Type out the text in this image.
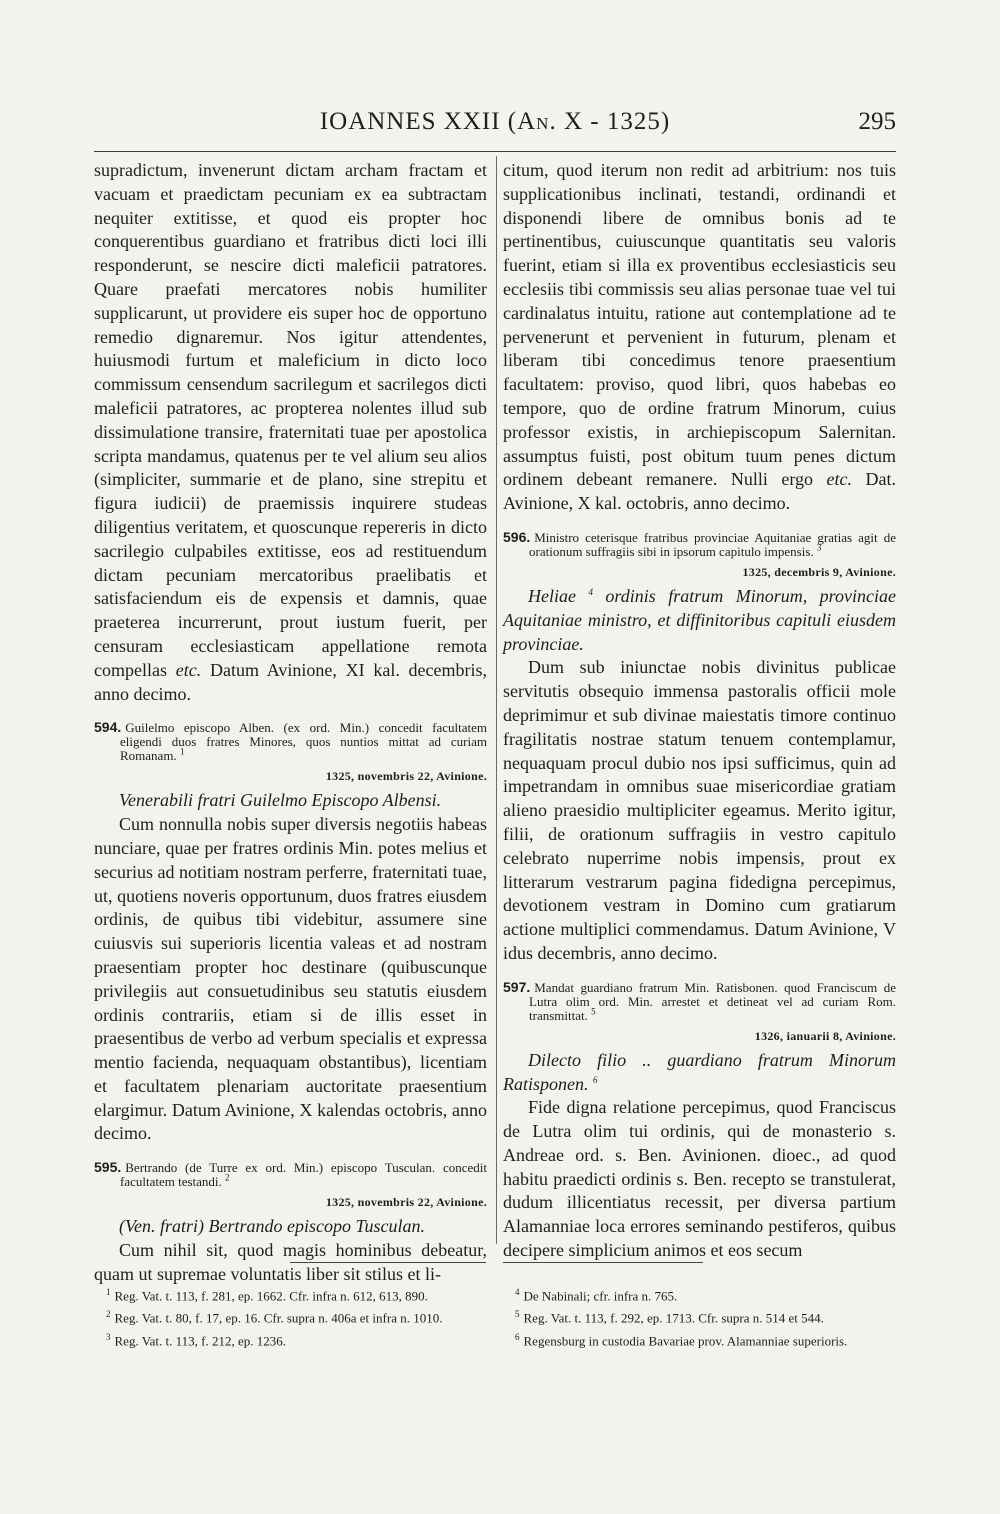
IOANNES XXII (AN. X - 1325)	295

supradictum, invenerunt dictam archam fractam et vacuam et praedictam pecuniam ex ea subtractam nequiter extitisse, et quod eis propter hoc conquerentibus guardiano et fratribus dicti loci illi responderunt, se nescire dicti maleficii patratores. Quare praefati mercatores nobis humiliter supplicarunt, ut providere eis super hoc de opportuno remedio dignaremur. Nos igitur attendentes, huiusmodi furtum et maleficium in dicto loco commissum censendum sacrilegum et sacrilegos dicti maleficii patratores, ac propterea nolentes illud sub dissimulatione transire, fraternitati tuae per apostolica scripta mandamus, quatenus per te vel alium seu alios (simpliciter, summarie et de plano, sine strepitu et figura iudicii) de praemissis inquirere studeas diligentius veritatem, et quoscunque repereris in dicto sacrilegio culpabiles extitisse, eos ad restituendum dictam pecuniam mercatoribus praelibatis et satisfaciendum eis de expensis et damnis, quae praeterea incurrerunt, prout iustum fuerit, per censuram ecclesiasticam appellatione remota compellas etc. Datum Avinione, XI kal. decembris, anno decimo.

594. Guilelmo episcopo Alben. (ex ord. Min.) concedit facultatem eligendi duos fratres Minores, quos nuntios mittat ad curiam Romanam. $^1$
1325, novembris 22, Avinione.
Venerabili fratri Guilelmo Episcopo Albensi.

Cum nonnulla nobis super diversis negotiis habeas nunciare, quae per fratres ordinis Min. potes melius et securius ad notitiam nostram perferre, fraternitati tuae, ut, quotiens noveris opportunum, duos fratres eiusdem ordinis, de quibus tibi videbitur, assumere sine cuiusvis sui superioris licentia valeas et ad nostram praesentiam propter hoc destinare (quibuscunque privilegiis aut consuetudinibus seu statutis eiusdem ordinis contrariis, etiam si de illis esset in praesentibus de verbo ad verbum specialis et expressa mentio facienda, nequaquam obstantibus), licentiam et facultatem plenariam auctoritate praesentium elargimur. Datum Avinione, X kalendas octobris, anno decimo.

595. Bertrando (de Turre ex ord. Min.) episcopo Tusculan. concedit facultatem testandi. $^2$
1325, novembris 22, Avinione.
(Ven. fratri) Bertrando episcopo Tusculan.

Cum nihil sit, quod magis hominibus debeatur, quam ut supremae voluntatis liber sit stilus et li-

citum, quod iterum non redit ad arbitrium: nos tuis supplicationibus inclinati, testandi, ordinandi et disponendi libere de omnibus bonis ad te pertinentibus, cuiuscunque quantitatis seu valoris fuerint, etiam si illa ex proventibus ecclesiasticis seu ecclesiis tibi commissis seu alias personae tuae vel tui cardinalatus intuitu, ratione aut contemplatione ad te pervenerunt et pervenient in futurum, plenam et liberam tibi concedimus tenore praesentium facultatem: proviso, quod libri, quos habebas eo tempore, quo de ordine fratrum Minorum, cuius professor existis, in archiepiscopum Salernitan. assumptus fuisti, post obitum tuum penes dictum ordinem debeant remanere. Nulli ergo etc. Dat. Avinione, X kal. octobris, anno decimo.

596. Ministro ceterisque fratribus provinciae Aquitaniae gratias agit de orationum suffragiis sibi in ipsorum capitulo impensis. $^3$
1325, decembris 9, Avinione.
Heliae $^4$ ordinis fratrum Minorum, provinciae Aquitaniae ministro, et diffinitoribus capituli eiusdem provinciae.

Dum sub iniunctae nobis divinitus publicae servitutis obsequio immensa pastoralis officii mole deprimimur et sub divinae maiestatis timore continuo fragilitatis nostrae statum tenuem contemplamur, nequaquam procul dubio nos ipsi sufficimus, quin ad impetrandam in omnibus suae misericordiae gratiam alieno praesidio multipliciter egeamus. Merito igitur, filii, de orationum suffragiis in vestro capitulo celebrato nuperrime nobis impensis, prout ex litterarum vestrarum pagina fidedigna percepimus, devotionem vestram in Domino cum gratiarum actione multiplici commendamus. Datum Avinione, V idus decembris, anno decimo.

597. Mandat guardiano fratrum Min. Ratisbonen. quod Franciscum de Lutra olim ord. Min. arrestet et detineat vel ad curiam Rom. transmittat. $^5$
1326, ianuarii 8, Avinione.
Dilecto filio .. guardiano fratrum Minorum Ratisponen. $^6$

Fide digna relatione percepimus, quod Franciscus de Lutra olim tui ordinis, qui de monasterio s. Andreae ord. s. Ben. Avinionen. dioec., ad quod habitu praedicti ordinis s. Ben. recepto se transtulerat, dudum illicentiatus recessit, per diversa partium Alamanniae loca errores seminando pestiferos, quibus decipere simplicium animos et eos secum

$^1$ Reg. Vat. t. 113, f. 281, ep. 1662. Cfr. infra n. 612, 613, 890.
$^2$ Reg. Vat. t. 80, f. 17, ep. 16. Cfr. supra n. 406a et infra n. 1010.
$^3$ Reg. Vat. t. 113, f. 212, ep. 1236.
$^4$ De Nabinali; cfr. infra n. 765.
$^5$ Reg. Vat. t. 113, f. 292, ep. 1713. Cfr. supra n. 514 et 544.
$^6$ Regensburg in custodia Bavariae prov. Alamanniae superioris.
